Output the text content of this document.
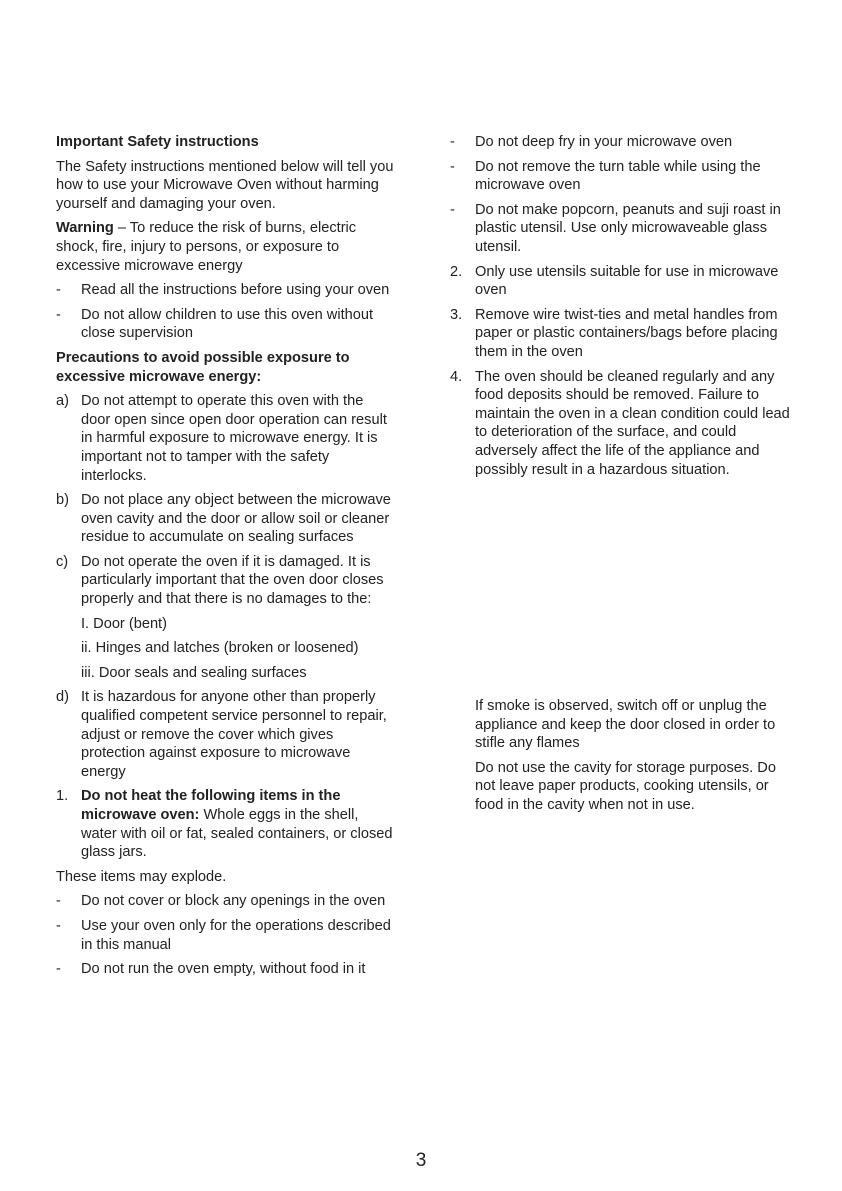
Important Safety instructions
The Safety instructions mentioned below will tell you how to use your Microwave Oven without harming yourself and damaging your oven.
Warning – To reduce the risk of burns, electric shock, fire, injury to persons, or exposure to excessive microwave energy
- Read all the instructions before using your oven
- Do not allow children to use this oven without close supervision
Precautions to avoid possible exposure to excessive microwave energy:
a) Do not attempt to operate this oven with the door open since open door operation can result in harmful exposure to microwave energy. It is important not to tamper with the safety interlocks.
b) Do not place any object between the microwave oven cavity and the door or allow soil or cleaner residue to accumulate on sealing surfaces
c) Do not operate the oven if it is damaged. It is particularly important that the oven door closes properly and that there is no damages to the:
I. Door (bent)
ii. Hinges and latches (broken or loosened)
iii. Door seals and sealing surfaces
d) It is hazardous for anyone other than properly qualified competent service personnel to repair, adjust or remove the cover which gives protection against exposure to microwave energy
1. Do not heat the following items in the microwave oven: Whole eggs in the shell, water with oil or fat, sealed containers, or closed glass jars.
These items may explode.
- Do not cover or block any openings in the oven
- Use your oven only for the operations described in this manual
- Do not run the oven empty, without food in it
- Do not deep fry in your microwave oven
- Do not remove the turn table while using the microwave oven
- Do not make popcorn, peanuts and suji roast in plastic utensil. Use only microwaveable glass utensil.
2. Only use utensils suitable for use in microwave oven
3. Remove wire twist-ties and metal handles from paper or plastic containers/bags before placing them in the oven
4. The oven should be cleaned regularly and any food deposits should be removed. Failure to maintain the oven in a clean condition could lead to deterioration of the surface, and could adversely affect the life of the appliance and possibly result in a hazardous situation.
If smoke is observed, switch off or unplug the appliance and keep the door closed in order to stifle any flames
Do not use the cavity for storage purposes. Do not leave paper products, cooking utensils, or food in the cavity when not in use.
3
